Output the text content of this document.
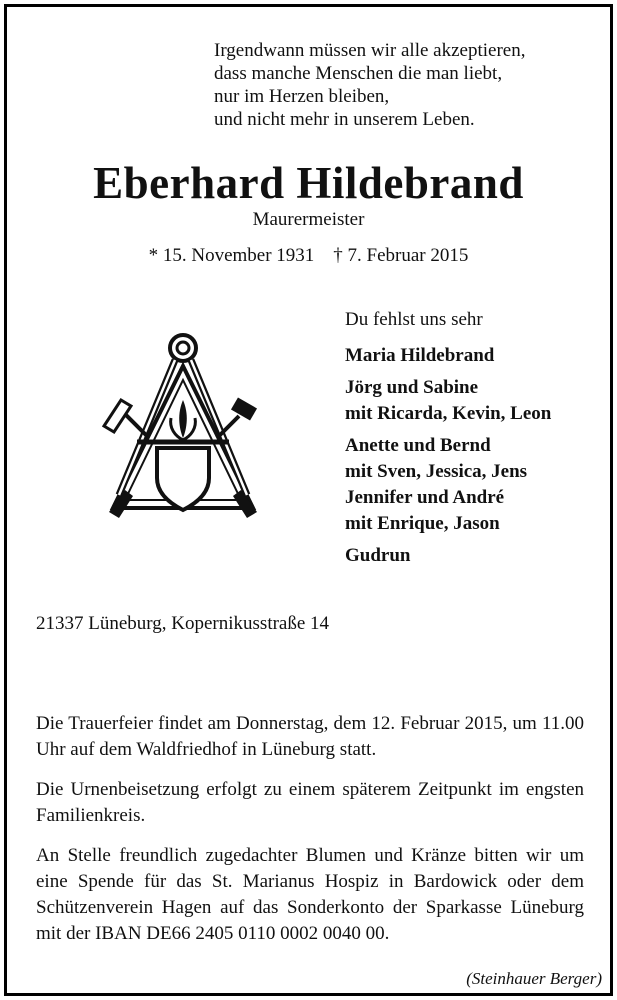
Irgendwann müssen wir alle akzeptieren,
dass manche Menschen die man liebt,
nur im Herzen bleiben,
und nicht mehr in unserem Leben.
Eberhard Hildebrand
Maurermeister
* 15. November 1931 † 7. Februar 2015
Du fehlst uns sehr
Maria Hildebrand
Jörg und Sabine
mit Ricarda, Kevin, Leon
Anette und Bernd
mit Sven, Jessica, Jens
Jennifer und André
mit Enrique, Jason
Gudrun
21337 Lüneburg, Kopernikusstraße 14
Die Trauerfeier findet am Donnerstag, dem 12. Februar 2015, um 11.00 Uhr auf dem Waldfriedhof in Lüneburg statt.
Die Urnenbeisetzung erfolgt zu einem späterem Zeitpunkt im engsten Familienkreis.
An Stelle freundlich zugedachter Blumen und Kränze bitten wir um eine Spende für das St. Marianus Hospiz in Bardowick oder dem Schützenverein Hagen auf das Sonderkonto der Sparkasse Lüneburg mit der IBAN DE66 2405 0110 0002 0040 00.
(Steinhauer Berger)
